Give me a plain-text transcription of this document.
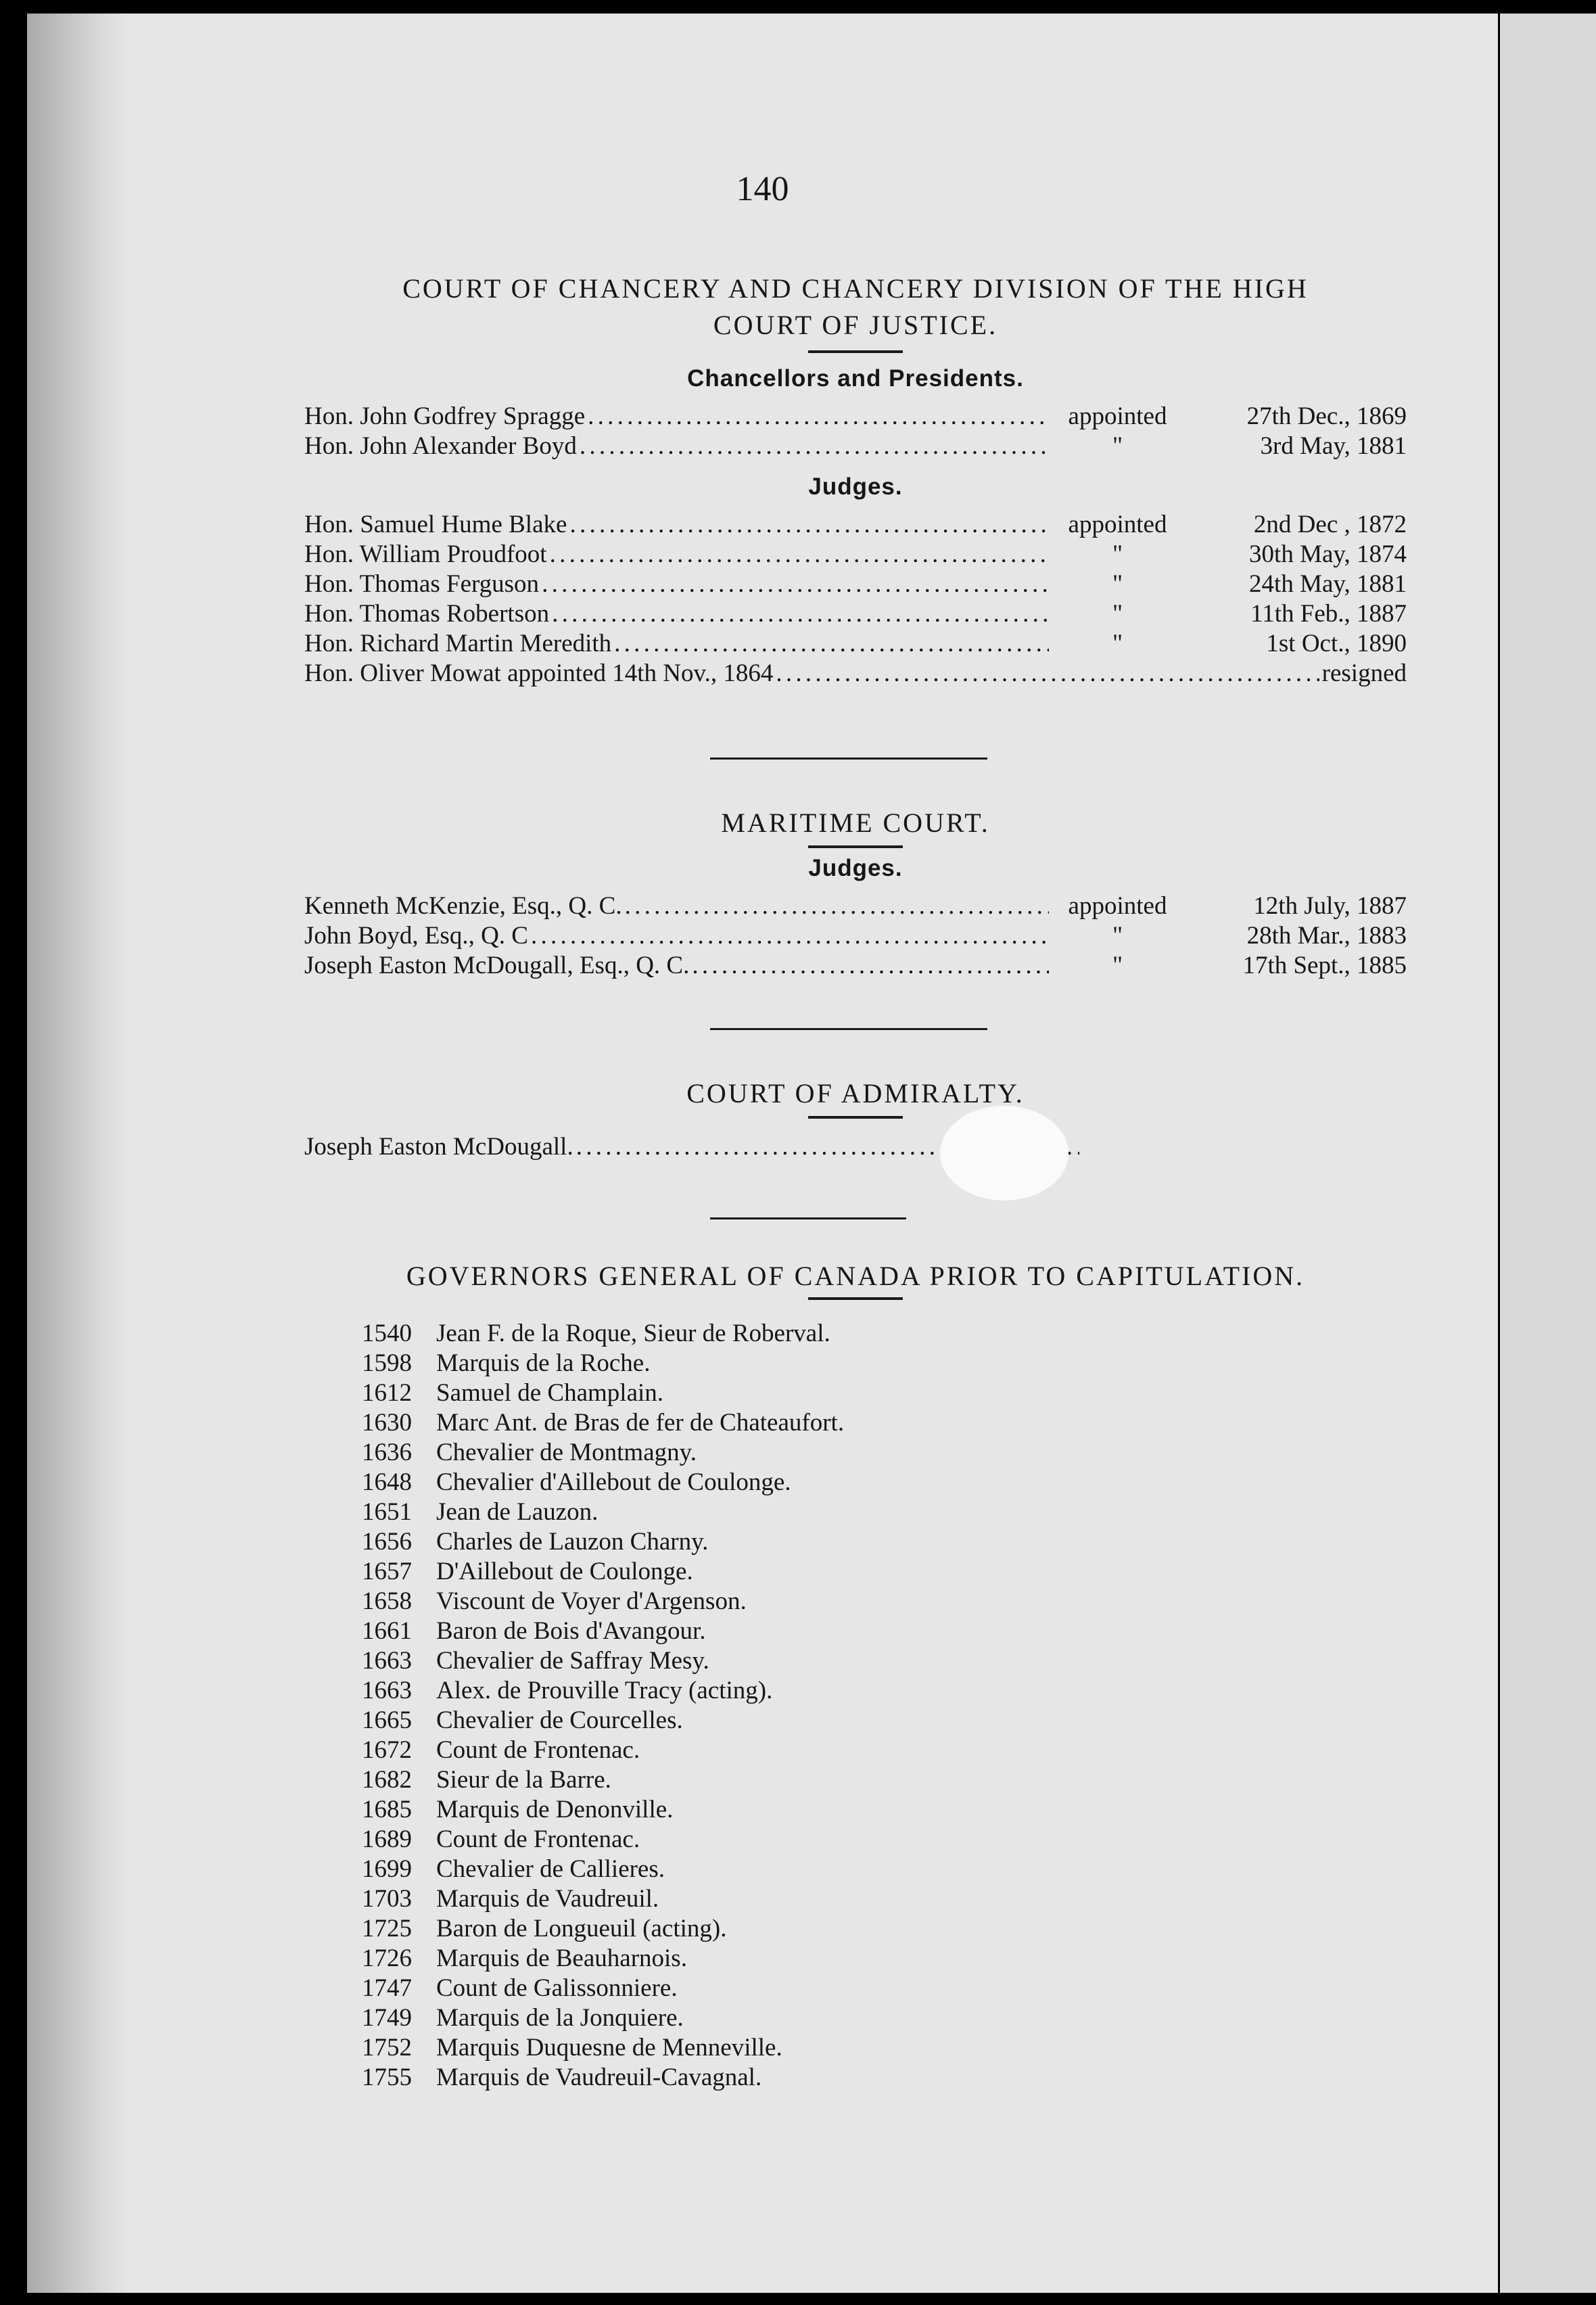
140
COURT OF CHANCERY AND CHANCERY DIVISION OF THE HIGH
COURT OF JUSTICE.
Chancellors and Presidents.
Hon. John Godfrey Spragge . . .	appointed	27th Dec., 1869
Hon. John Alexander Boyd . . .	"	3rd May, 1881
Judges.
Hon. Samuel Hume Blake . . .	appointed	2nd Dec , 1872
Hon. William Proudfoot . . .	"	30th May, 1874
Hon. Thomas Ferguson . . .	"	24th May, 1881
Hon. Thomas Robertson . . .	"	11th Feb., 1887
Hon. Richard Martin Meredith . . .	"	1st Oct., 1890
Hon. Oliver Mowat appointed 14th Nov., 1864 . . .	resigned
MARITIME COURT.
Judges.
Kenneth McKenzie, Esq., Q. C. . . .	appointed	12th July, 1887
John Boyd, Esq., Q. C . . .	"	28th Mar., 1883
Joseph Easton McDougall, Esq., Q. C. . . .	"	17th Sept., 1885
COURT OF ADMIRALTY.
Joseph Easton McDougall.
. . .
GOVERNORS GENERAL OF CANADA PRIOR TO CAPITULATION.
1540 Jean F. de la Roque, Sieur de Roberval.
1598 Marquis de la Roche.
1612 Samuel de Champlain.
1630 Marc Ant. de Bras de fer de Chateaufort.
1636 Chevalier de Montmagny.
1648 Chevalier d'Aillebout de Coulonge.
1651 Jean de Lauzon.
1656 Charles de Lauzon Charny.
1657 D'Aillebout de Coulonge.
1658 Viscount de Voyer d'Argenson.
1661 Baron de Bois d'Avangour.
1663 Chevalier de Saffray Mesy.
1663 Alex. de Prouville Tracy (acting).
1665 Chevalier de Courcelles.
1672 Count de Frontenac.
1682 Sieur de la Barre.
1685 Marquis de Denonville.
1689 Count de Frontenac.
1699 Chevalier de Callieres.
1703 Marquis de Vaudreuil.
1725 Baron de Longueuil (acting).
1726 Marquis de Beauharnois.
1747 Count de Galissonniere.
1749 Marquis de la Jonquiere.
1752 Marquis Duquesne de Menneville.
1755 Marquis de Vaudreuil-Cavagnal.
